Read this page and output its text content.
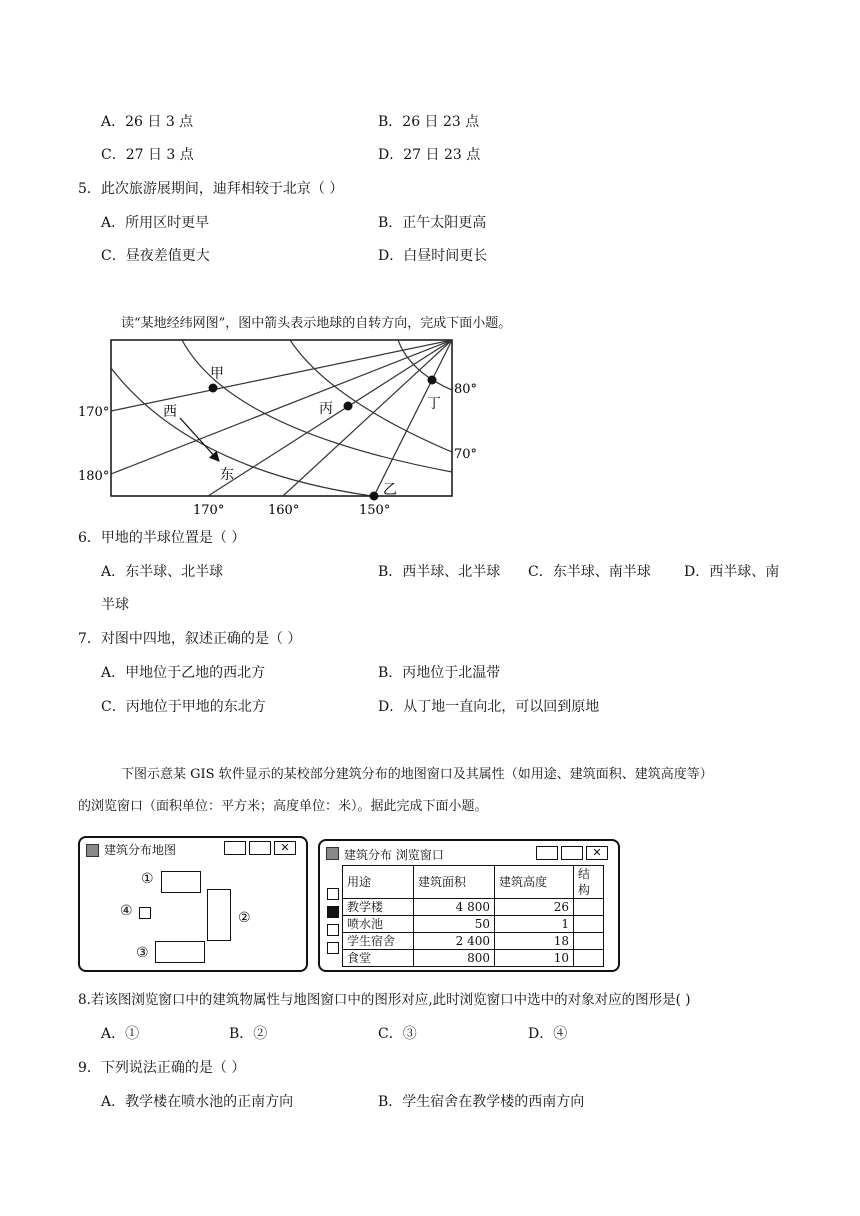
A．26 日 3 点	B．26 日 23 点
C．27 日 3 点	D．27 日 23 点
5．此次旅游展期间，迪拜相较于北京（ ）
A．所用区时更早	B．正午太阳更高
C．昼夜差值更大	D．白昼时间更长
读“某地经纬网图”，图中箭头表示地球的自转方向，完成下面小题。
甲
乙
丙	丁
西
东
170°
180°
170°	160°	150°
80°
70°
6．甲地的半球位置是（ ）
A．东半球、北半球	B．西半球、北半球 C．东半球、南半球 D．西半球、南
半球
7．对图中四地，叙述正确的是（ ）
A．甲地位于乙地的西北方	B．丙地位于北温带
C．丙地位于甲地的东北方	D．从丁地一直向北，可以回到原地
下图示意某 GIS 软件显示的某校部分建筑分布的地图窗口及其属性（如用途、建筑面积、建筑高度等）
的浏览窗口（面积单位：平方米；高度单位：米）。据此完成下面小题。
建筑分布地图	✕
①
④	②
③
建筑分布 浏览窗口	✕
用途	建筑面积	建筑高度	结构
教学楼	4 800	26	
喷水池	50	1	
学生宿舍	2 400	18	
食堂	800	10	
8.若该图浏览窗口中的建筑物属性与地图窗口中的图形对应,此时浏览窗口中选中的对象对应的图形是( )
A．①	B．②	C．③	D．④
9．下列说法正确的是（ ）
A．教学楼在喷水池的正南方向	B．学生宿舍在教学楼的西南方向
